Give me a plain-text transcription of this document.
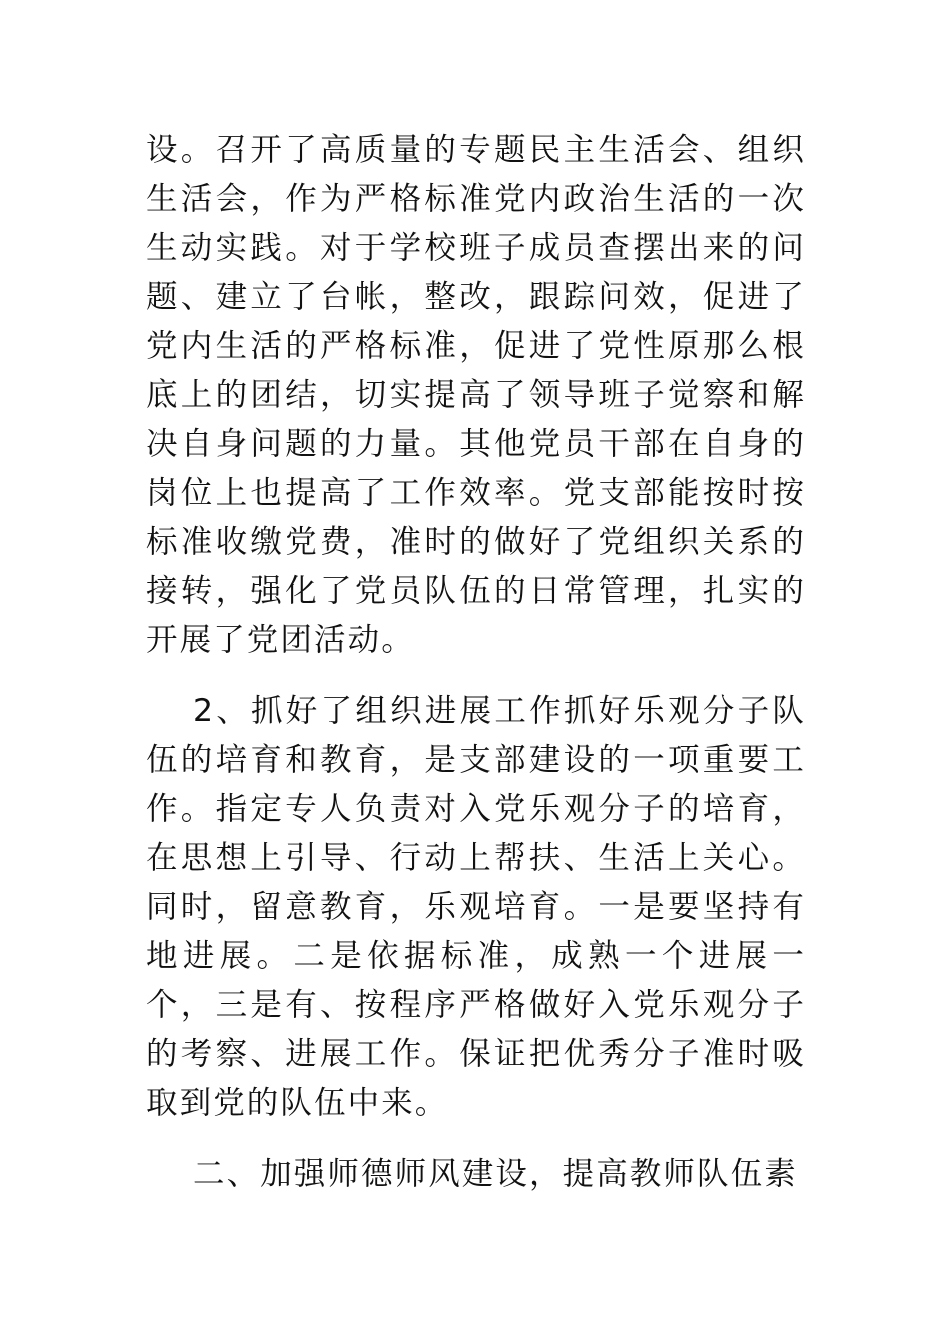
设。召开了高质量的专题民主生活会、组织生活会，作为严格标准党内政治生活的一次生动实践。对于学校班子成员查摆出来的问题、建立了台帐，整改，跟踪问效，促进了党内生活的严格标准，促进了党性原那么根底上的团结，切实提高了领导班子觉察和解决自身问题的力量。其他党员干部在自身的岗位上也提高了工作效率。党支部能按时按标准收缴党费，准时的做好了党组织关系的接转，强化了党员队伍的日常管理，扎实的开展了党团活动。

2、抓好了组织进展工作抓好乐观分子队伍的培育和教育，是支部建设的一项重要工作。指定专人负责对入党乐观分子的培育，在思想上引导、行动上帮扶、生活上关心。同时，留意教育，乐观培育。一是要坚持有地进展。二是依据标准，成熟一个进展一个，三是有、按程序严格做好入党乐观分子的考察、进展工作。保证把优秀分子准时吸取到党的队伍中来。

二、加强师德师风建设，提高教师队伍素
